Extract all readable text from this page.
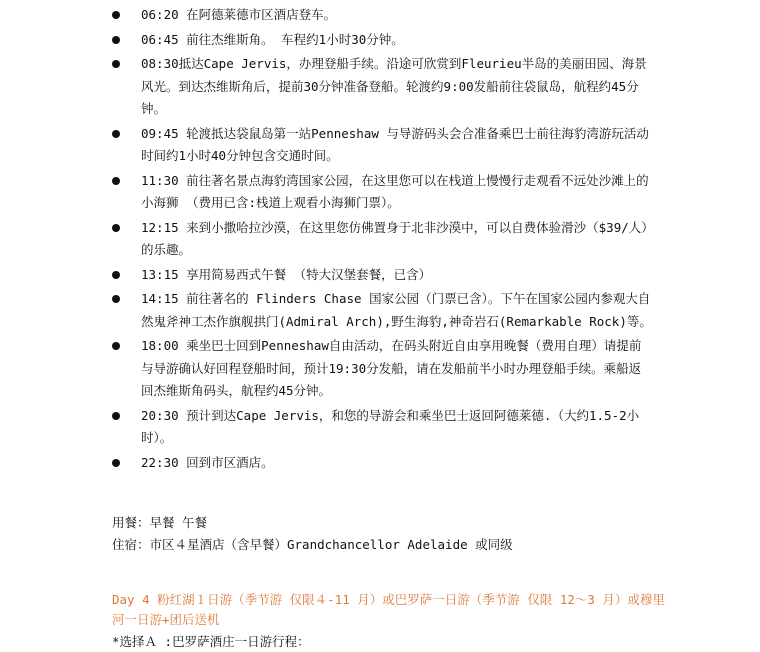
06:20 在阿德莱德市区酒店登车。
06:45 前往杰维斯角。 车程约1小时30分钟。
08:30抵达Cape Jervis，办理登船手续。沿途可欣赏到Fleurieu半岛的美丽田园、海景风光。到达杰维斯角后，提前30分钟准备登船。轮渡约9:00发船前往袋鼠岛，航程约45分钟。
09:45 轮渡抵达袋鼠岛第一站Penneshaw 与导游码头会合准备乘巴士前往海豹湾游玩活动时间约1小时40分钟包含交通时间。
11:30 前往著名景点海豹湾国家公园，在这里您可以在栈道上慢慢行走观看不远处沙滩上的小海狮 （费用已含:栈道上观看小海狮门票）。
12:15 来到小撒哈拉沙漠，在这里您仿佛置身于北非沙漠中，可以自费体验滑沙（$39/人）的乐趣。
13:15 享用简易西式午餐 （特大汉堡套餐，已含）
14:15 前往著名的 Flinders Chase 国家公园（门票已含）。下午在国家公园内参观大自然鬼斧神工杰作旗舰拱门(Admiral Arch),野生海豹,神奇岩石(Remarkable Rock)等。
18:00 乘坐巴士回到Penneshaw自由活动，在码头附近自由享用晚餐（费用自理）请提前与导游确认好回程登船时间，预计19:30分发船，请在发船前半小时办理登船手续。乘船返回杰维斯角码头，航程约45分钟。
20:30 预计到达Cape Jervis，和您的导游会和乘坐巴士返回阿德莱德.（大约1.5-2小时）。
22:30 回到市区酒店。
用餐：早餐 午餐
住宿：市区４星酒店（含早餐）Grandchancellor Adelaide 或同级
Day 4 粉红湖１日游（季节游 仅限４-11 月）或巴罗萨一日游（季节游 仅限 12～3 月）或穆里河一日游+团后送机
*选择Ａ :巴罗萨酒庄一日游行程：
